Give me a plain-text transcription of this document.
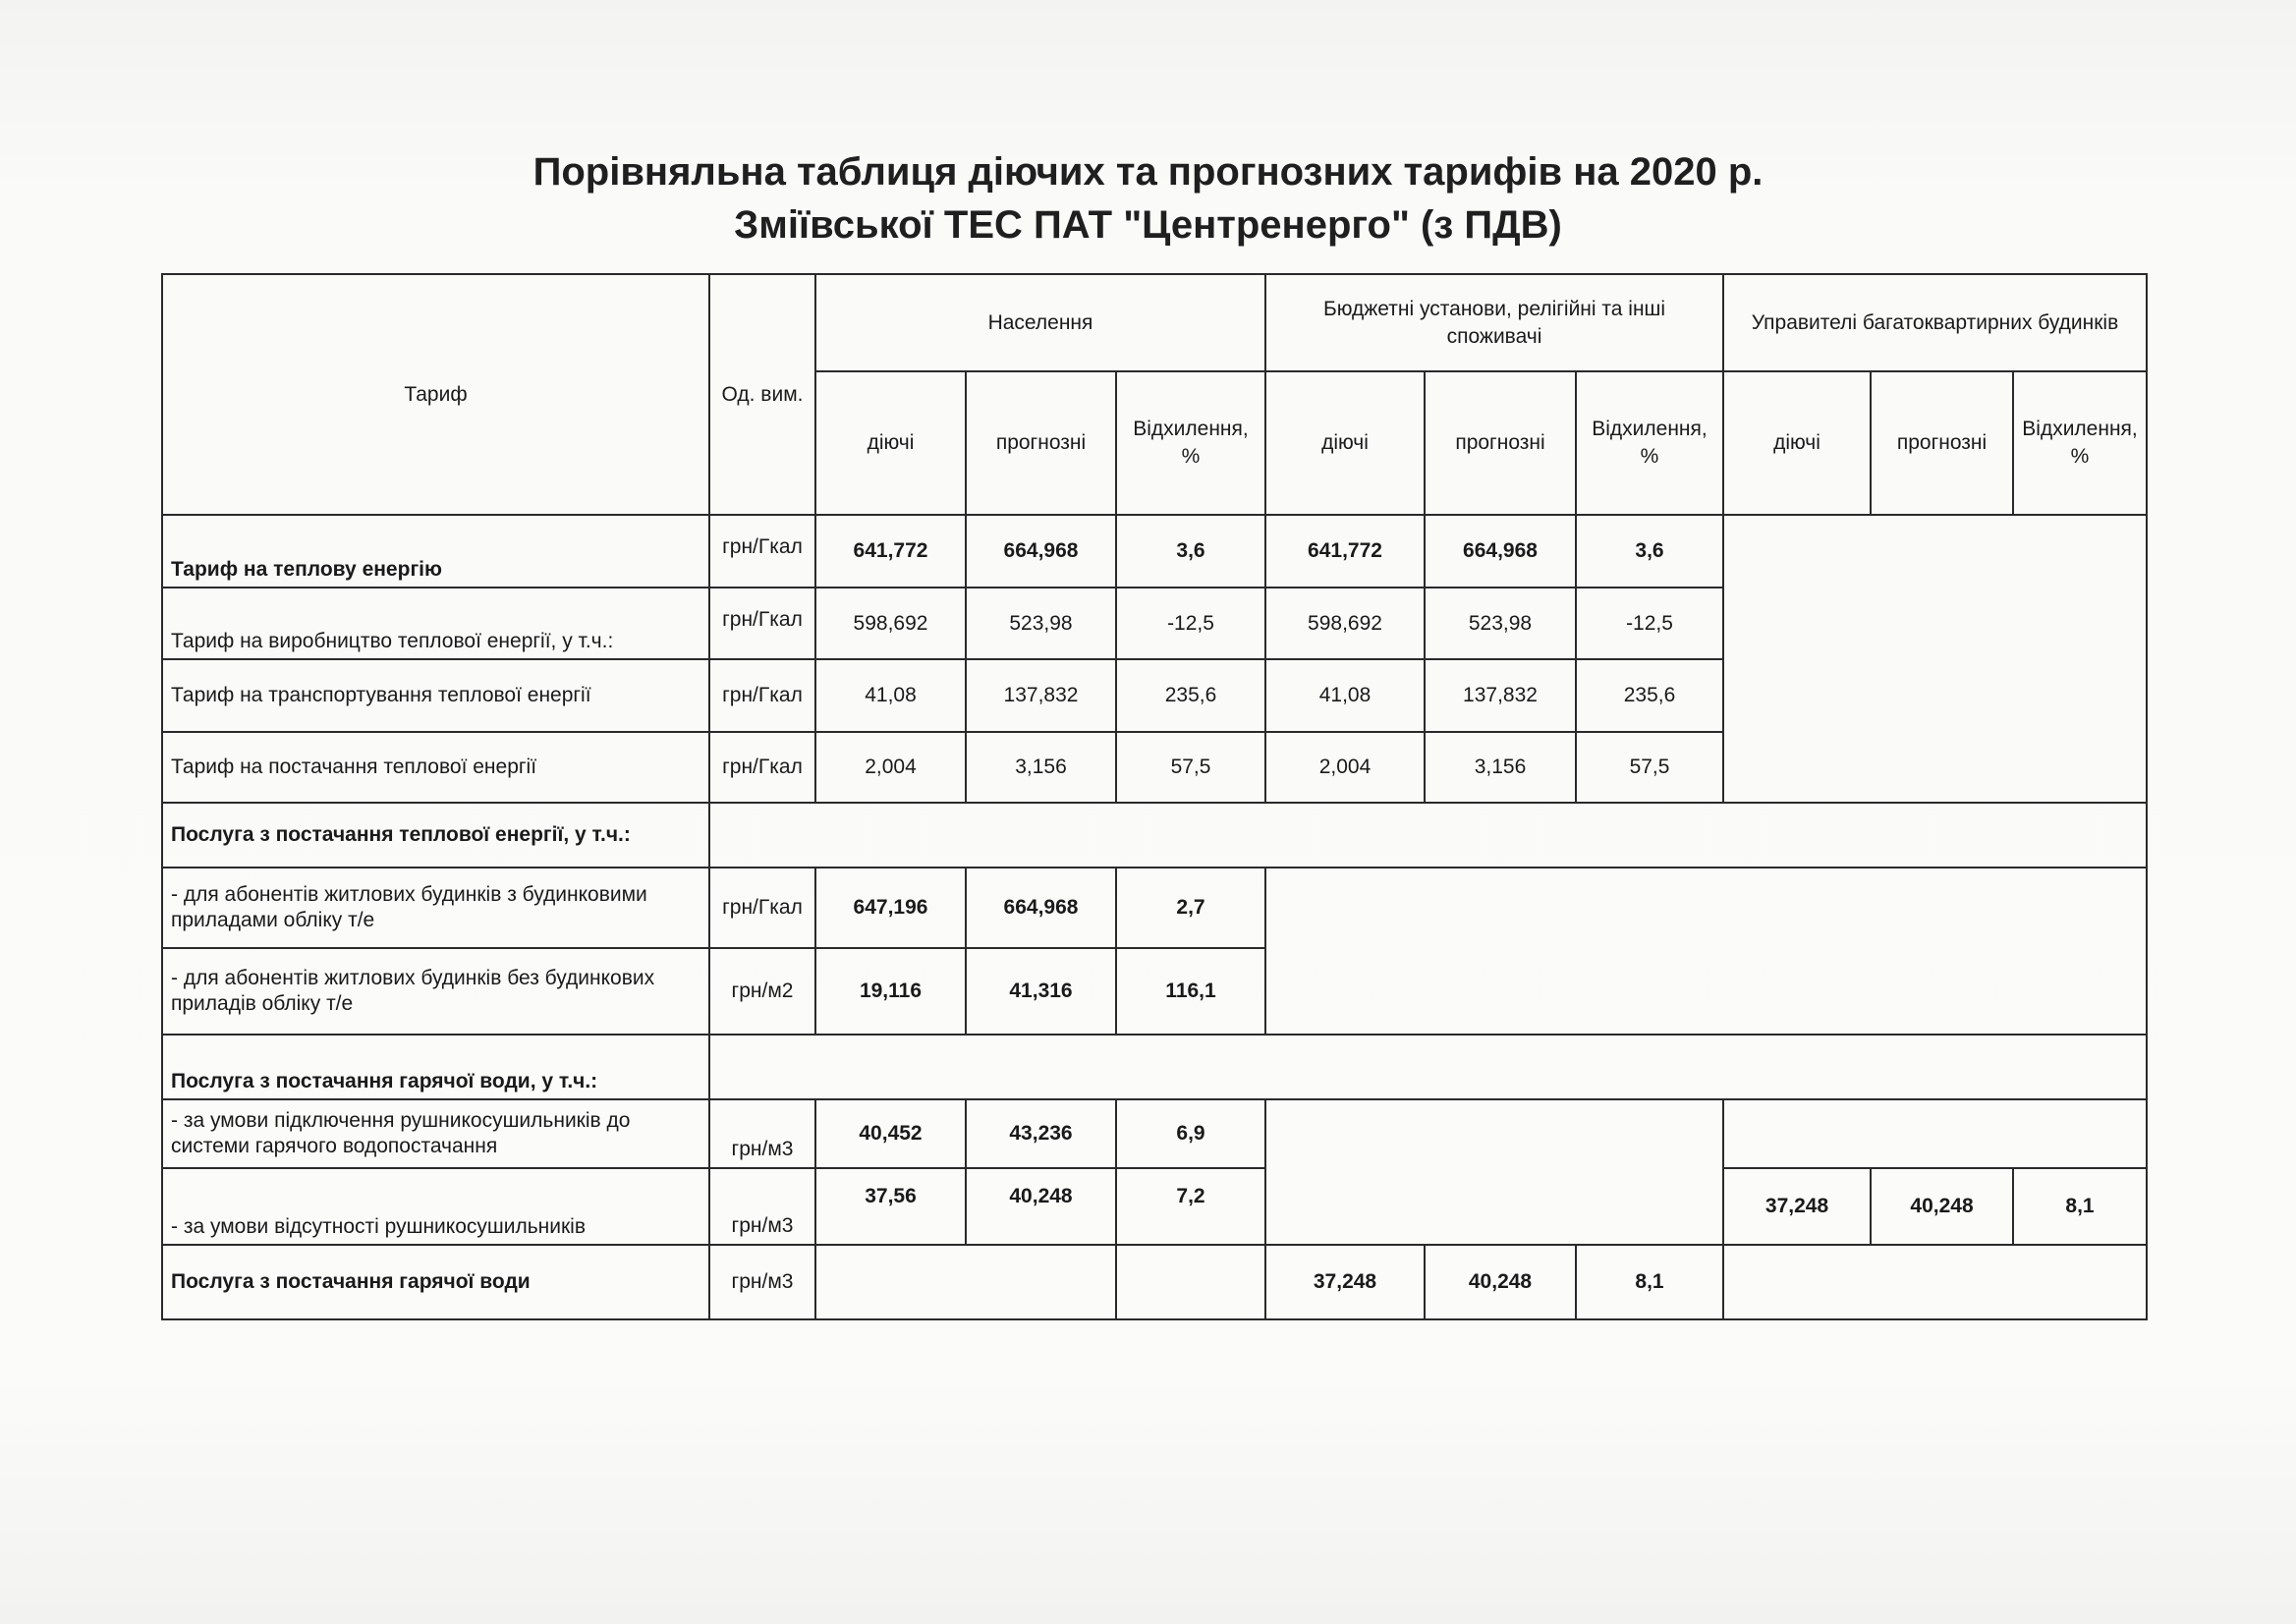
Порівняльна таблиця діючих та прогнозних тарифів на 2020 р.
Зміївської ТЕС ПАТ "Центренерго" (з ПДВ)
Тариф	Од. вим.	Населення			Бюджетні установи, релігійні та інші споживачі			Управителі багатоквартирних будинків		
		діючі	прогнозні	Відхилення, %	діючі	прогнозні	Відхилення, %	діючі	прогнозні	Відхилення, %
Тариф на теплову енергію	грн/Гкал	641,772	664,968	3,6	641,772	664,968	3,6			
Тариф на виробництво теплової енергії, у т.ч.:	грн/Гкал	598,692	523,98	-12,5	598,692	523,98	-12,5			
Тариф на транспортування теплової енергії	грн/Гкал	41,08	137,832	235,6	41,08	137,832	235,6			
Тариф на постачання теплової енергії	грн/Гкал	2,004	3,156	57,5	2,004	3,156	57,5			
Послуга з постачання теплової енергії, у т.ч.:										
- для абонентів житлових будинків з будинковими приладами обліку т/е	грн/Гкал	647,196	664,968	2,7						
- для абонентів житлових будинків без будинкових приладів обліку т/е	грн/м2	19,116	41,316	116,1						
Послуга з постачання гарячої води, у т.ч.:										
- за умови підключення рушникосушильників до системи гарячого водопостачання	грн/м3	40,452	43,236	6,9						
- за умови відсутності рушникосушильників	грн/м3	37,56	40,248	7,2				37,248	40,248	8,1
Послуга з постачання гарячої води	грн/м3				37,248	40,248	8,1			
